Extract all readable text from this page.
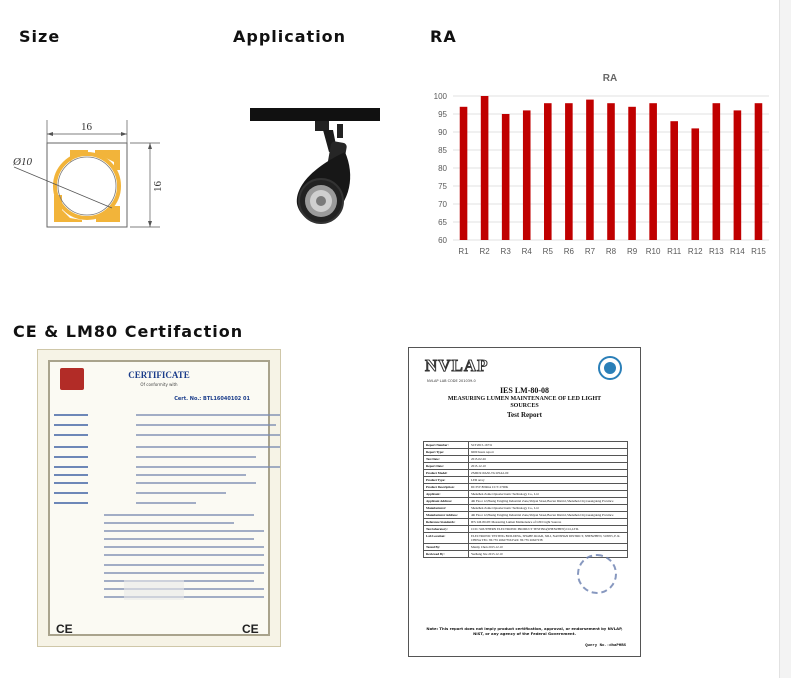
Size	Application	RA
CE & LM80 Certifaction
16
16
Ø10
RA
60
65
70
75
80
85
90
95
100
R1 R2 R3 R4 R5 R6 R7 R8 R9 R10 R11 R12 R13 R14 R15
CERTIFICATE
Of conformity with
Cert. No.: BTL16040102 01
CE	CE
NVLAP
NVLAP LAB CODE 201039-0
IES LM-80-08
MEASURING LUMEN MAINTENANCE OF LED LIGHT
SOURCES
Test Report
Report Number:	SCT2015-16731
Report Type:	6000 hours report
Test Date:	2015-02-26
Report Date:	2015-12-10
Product Model:	ZMD1919A30-T6-W0A2-00
Product Type:	LED array
Product Description:	DC35V 800mA CCT: 2700K
Applicant:	Shenzhen Zome Optoelectronic Technology Co., Ltd
Applicant Address:	4th Floor 12,Huang Fengling Industrial Zone,Shiyan Street,Bao'an District,Shenzhen City,Guangdong Province
Manufacturer:	Shenzhen Zome Optoelectronic Technology Co., Ltd
Manufacturer Address:	4th Floor 12,Huang Fengling Industrial Zone,Shiyan Street,Bao'an District,Shenzhen City,Guangdong Province
Reference Standards:	IES LM-80-08: Measuring Lumen Maintenance of LED Light Sources
Test laboratory:	CCIC SOUTHERN ELECTRONIC PRODUCT TESTING(SHENZHEN) CO.,LTD.
Lab Location:	ELECTRONIC TESTING BUILDING, SHAHE ROAD, XILI, NANSHAN DISTRICT, SHENZHEN, 518055, P. R. CHINA TEL: 86 755 26627356 FAX: 86 755 26627238
Tested By:	Manny Chen 2015.12.10
Reviewed By:	Yezhang Xie 2015.12.10
Note: This report does not imply product certification, approval, or endorsement by NVLAP, NIST, or any agency of the Federal Government.
Query No.:dhaPHBS
